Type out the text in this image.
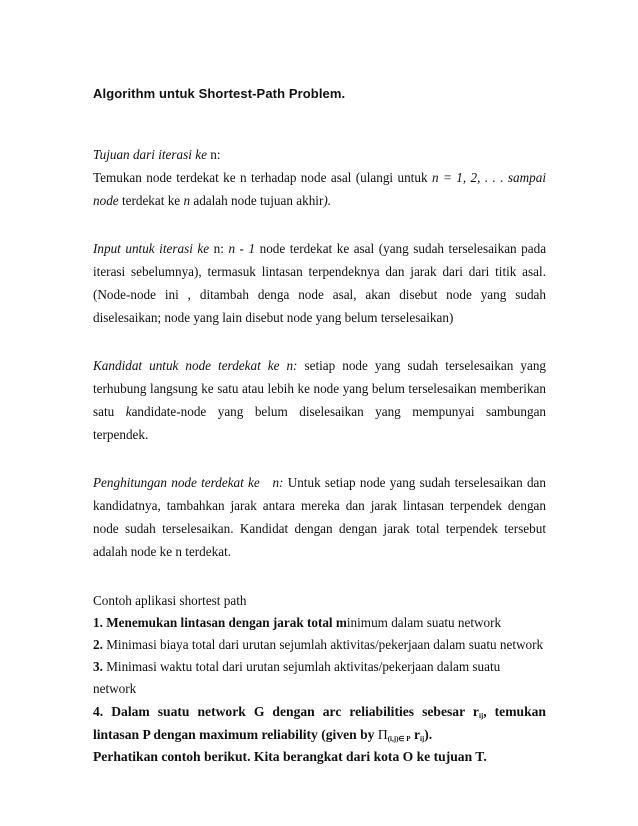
Algorithm untuk Shortest-Path Problem.

Tujuan dari iterasi ke n:

Temukan node terdekat ke n terhadap node asal (ulangi untuk n = 1, 2, . . . sampai node terdekat ke n adalah node tujuan akhir).

Input untuk iterasi ke n: n - 1 node terdekat ke asal (yang sudah terselesaikan pada iterasi sebelumnya), termasuk lintasan terpendeknya dan jarak dari dari titik asal. (Node-node ini , ditambah denga node asal, akan disebut node yang sudah diselesaikan; node yang lain disebut node yang belum terselesaikan)

Kandidat untuk node terdekat ke n: setiap node yang sudah terselesaikan yang terhubung langsung ke satu atau lebih ke node yang belum terselesaikan memberikan satu kandidate-node yang belum diselesaikan yang mempunyai sambungan terpendek.

Penghitungan node terdekat ke n: Untuk setiap node yang sudah terselesaikan dan kandidatnya, tambahkan jarak antara mereka dan jarak lintasan terpendek dengan node sudah terselesaikan. Kandidat dengan dengan jarak total terpendek tersebut adalah node ke n terdekat.

Contoh aplikasi shortest path

1. Menemukan lintasan dengan jarak total minimum dalam suatu network

2. Minimasi biaya total dari urutan sejumlah aktivitas/pekerjaan dalam suatu network

3. Minimasi waktu total dari urutan sejumlah aktivitas/pekerjaan dalam suatu network

4. Dalam suatu network G dengan arc reliabilities sebesar $r_{ij}$, temukan lintasan P dengan maximum reliability (given by $\Pi_{(i,j)\in P}$ $r_{ij}$).

Perhatikan contoh berikut. Kita berangkat dari kota O ke tujuan T.
